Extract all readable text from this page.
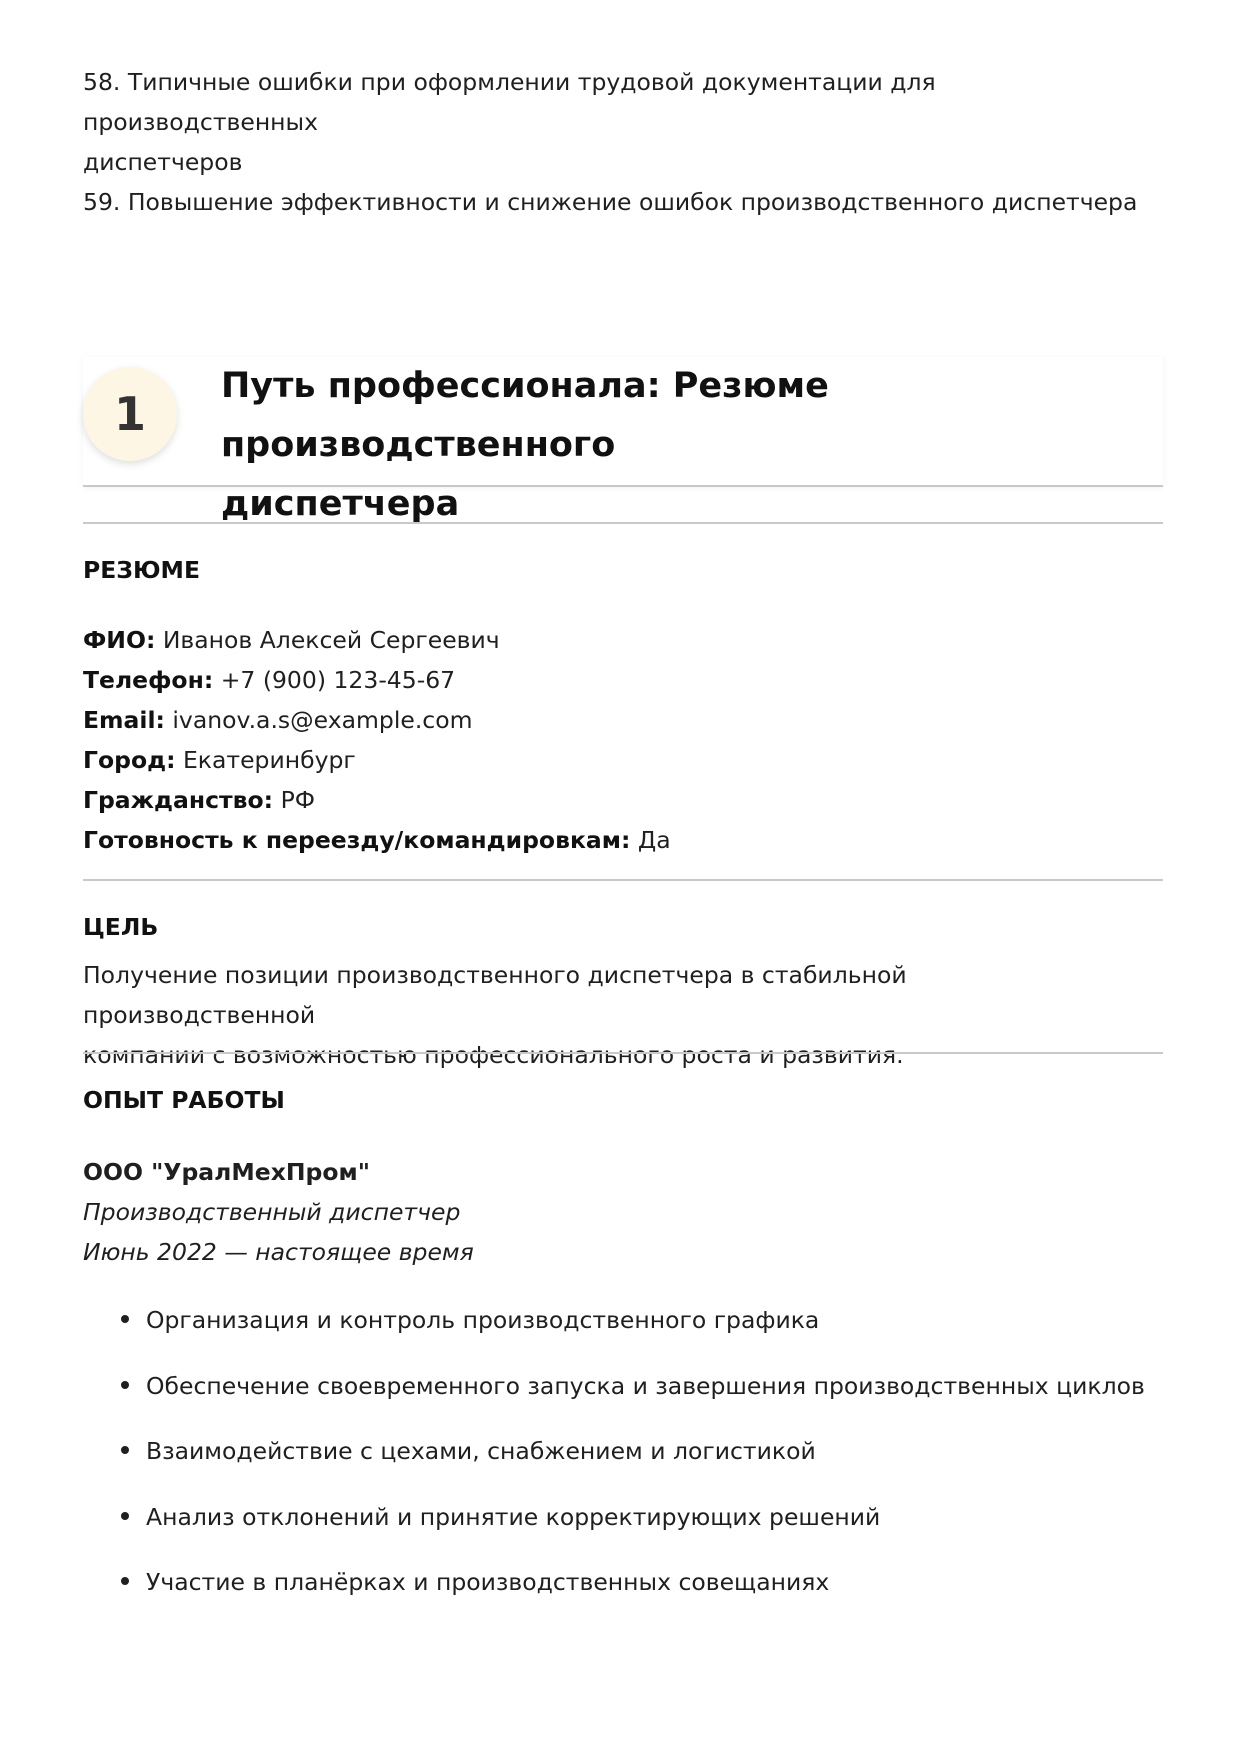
58. Типичные ошибки при оформлении трудовой документации для производственных

диспетчеров

59. Повышение эффективности и снижение ошибок производственного диспетчера

1
Путь профессионала: Резюме производственного
диспетчера
РЕЗЮМЕ

ФИО: Иванов Алексей Сергеевич

Телефон: +7 (900) 123-45-67

Email: ivanov.a.s@example.com

Город: Екатеринбург

Гражданство: РФ

Готовность к переезду/командировкам: Да

ЦЕЛЬ

Получение позиции производственного диспетчера в стабильной производственной
компании с возможностью профессионального роста и развития.

ОПЫТ РАБОТЫ

ООО "УралМехПром"

Производственный диспетчер

Июнь 2022 — настоящее время

Организация и контроль производственного графика
Обеспечение своевременного запуска и завершения производственных циклов
Взаимодействие с цехами, снабжением и логистикой
Анализ отклонений и принятие корректирующих решений
Участие в планёрках и производственных совещаниях
